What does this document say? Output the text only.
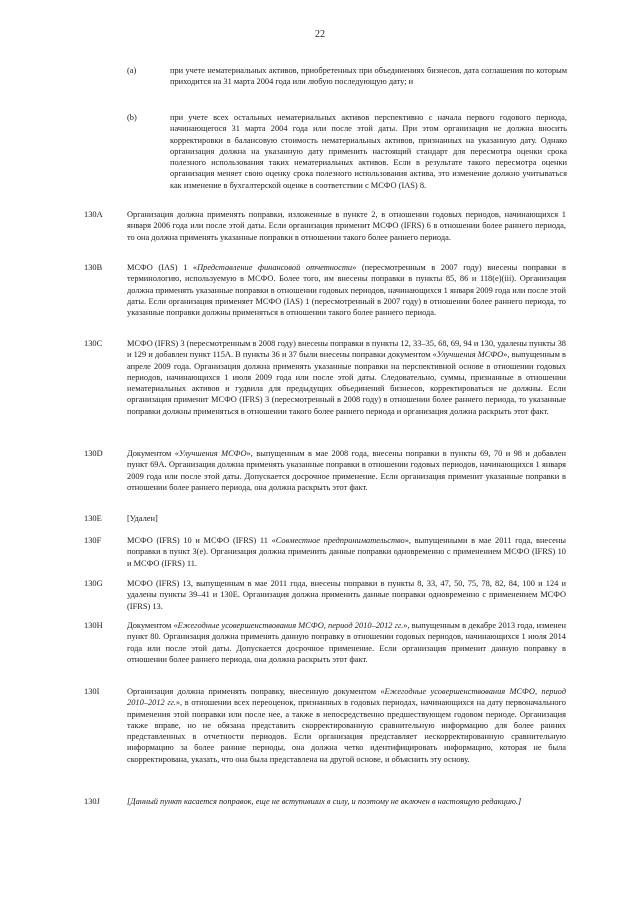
22
(a)	при учете нематериальных активов, приобретенных при объединениях бизнесов, дата соглашения по которым приходится на 31 марта 2004 года или любую последующую дату; и
(b)	при учете всех остальных нематериальных активов перспективно с начала первого годового периода, начинающегося 31 марта 2004 года или после этой даты. При этом организация не должна вносить корректировки в балансовую стоимость нематериальных активов, признанных на указанную дату. Однако организация должна на указанную дату применить настоящий стандарт для пересмотра оценки срока полезного использования таких нематериальных активов. Если в результате такого пересмотра оценки организация меняет свою оценку срока полезного использования актива, это изменение должно учитываться как изменение в бухгалтерской оценке в соответствии с МСФО (IAS) 8.
130A	Организация должна применять поправки, изложенные в пункте 2, в отношении годовых периодов, начинающихся 1 января 2006 года или после этой даты. Если организация применит МСФО (IFRS) 6 в отношении более раннего периода, то она должна применять указанные поправки в отношении такого более раннего периода.
130B	МСФО (IAS) 1 «Представление финансовой отчетности» (пересмотренным в 2007 году) внесены поправки в терминологию, используемую в МСФО. Более того, им внесены поправки в пункты 85, 86 и 118(e)(iii). Организация должна применять указанные поправки в отношении годовых периодов, начинающихся 1 января 2009 года или после этой даты. Если организация применяет МСФО (IAS) 1 (пересмотренный в 2007 году) в отношении более раннего периода, то указанные поправки должны применяться в отношении такого более раннего периода.
130C	МСФО (IFRS) 3 (пересмотренным в 2008 году) внесены поправки в пункты 12, 33–35, 68, 69, 94 и 130, удалены пункты 38 и 129 и добавлен пункт 115А. В пункты 36 и 37 были внесены поправки документом «Улучшения МСФО», выпущенным в апреле 2009 года. Организация должна применять указанные поправки на перспективной основе в отношении годовых периодов, начинающихся 1 июля 2009 года или после этой даты. Следовательно, суммы, признанные в отношении нематериальных активов и гудвила для предыдущих объединений бизнесов, корректироваться не должны. Если организация применит МСФО (IFRS) 3 (пересмотренный в 2008 году) в отношении более раннего периода, то указанные поправки должны применяться в отношении такого более раннего периода и организация должна раскрыть этот факт.
130D	Документом «Улучшения МСФО», выпущенным в мае 2008 года, внесены поправки в пункты 69, 70 и 98 и добавлен пункт 69А. Организация должна применять указанные поправки в отношении годовых периодов, начинающихся 1 января 2009 года или после этой даты. Допускается досрочное применение. Если организация применит указанные поправки в отношении более раннего периода, она должна раскрыть этот факт.
130E	[Удален]
130F	МСФО (IFRS) 10 и МСФО (IFRS) 11 «Совместное предпринимательство», выпущенными в мае 2011 года, внесены поправки в пункт 3(е). Организация должна применить данные поправки одновременно с применением МСФО (IFRS) 10 и МСФО (IFRS) 11.
130G	МСФО (IFRS) 13, выпущенным в мае 2011 года, внесены поправки в пункты 8, 33, 47, 50, 75, 78, 82, 84, 100 и 124 и удалены пункты 39–41 и 130Е. Организация должна применить данные поправки одновременно с применением МСФО (IFRS) 13.
130H	Документом «Ежегодные усовершенствования МСФО, период 2010–2012 гг.», выпущенным в декабре 2013 года, изменен пункт 80. Организация должна применять данную поправку в отношении годовых периодов, начинающихся 1 июля 2014 года или после этой даты. Допускается досрочное применение. Если организация применит данную поправку в отношении более раннего периода, она должна раскрыть этот факт.
130I	Организация должна применять поправку, внесенную документом «Ежегодные усовершенствования МСФО, период 2010–2012 гг.», в отношении всех переоценок, признанных в годовых периодах, начинающихся на дату первоначального применения этой поправки или после нее, а также в непосредственно предшествующем годовом периоде. Организация также вправе, но не обязана представить скорректированную сравнительную информацию для более ранних представленных в отчетности периодов. Если организация представляет нескорректированную сравнительную информацию за более ранние периоды, она должна четко идентифицировать информацию, которая не была скорректирована, указать, что она была представлена на другой основе, и объяснить эту основу.
130J	[Данный пункт касается поправок, еще не вступивших в силу, и поэтому не включен в настоящую редакцию.]
